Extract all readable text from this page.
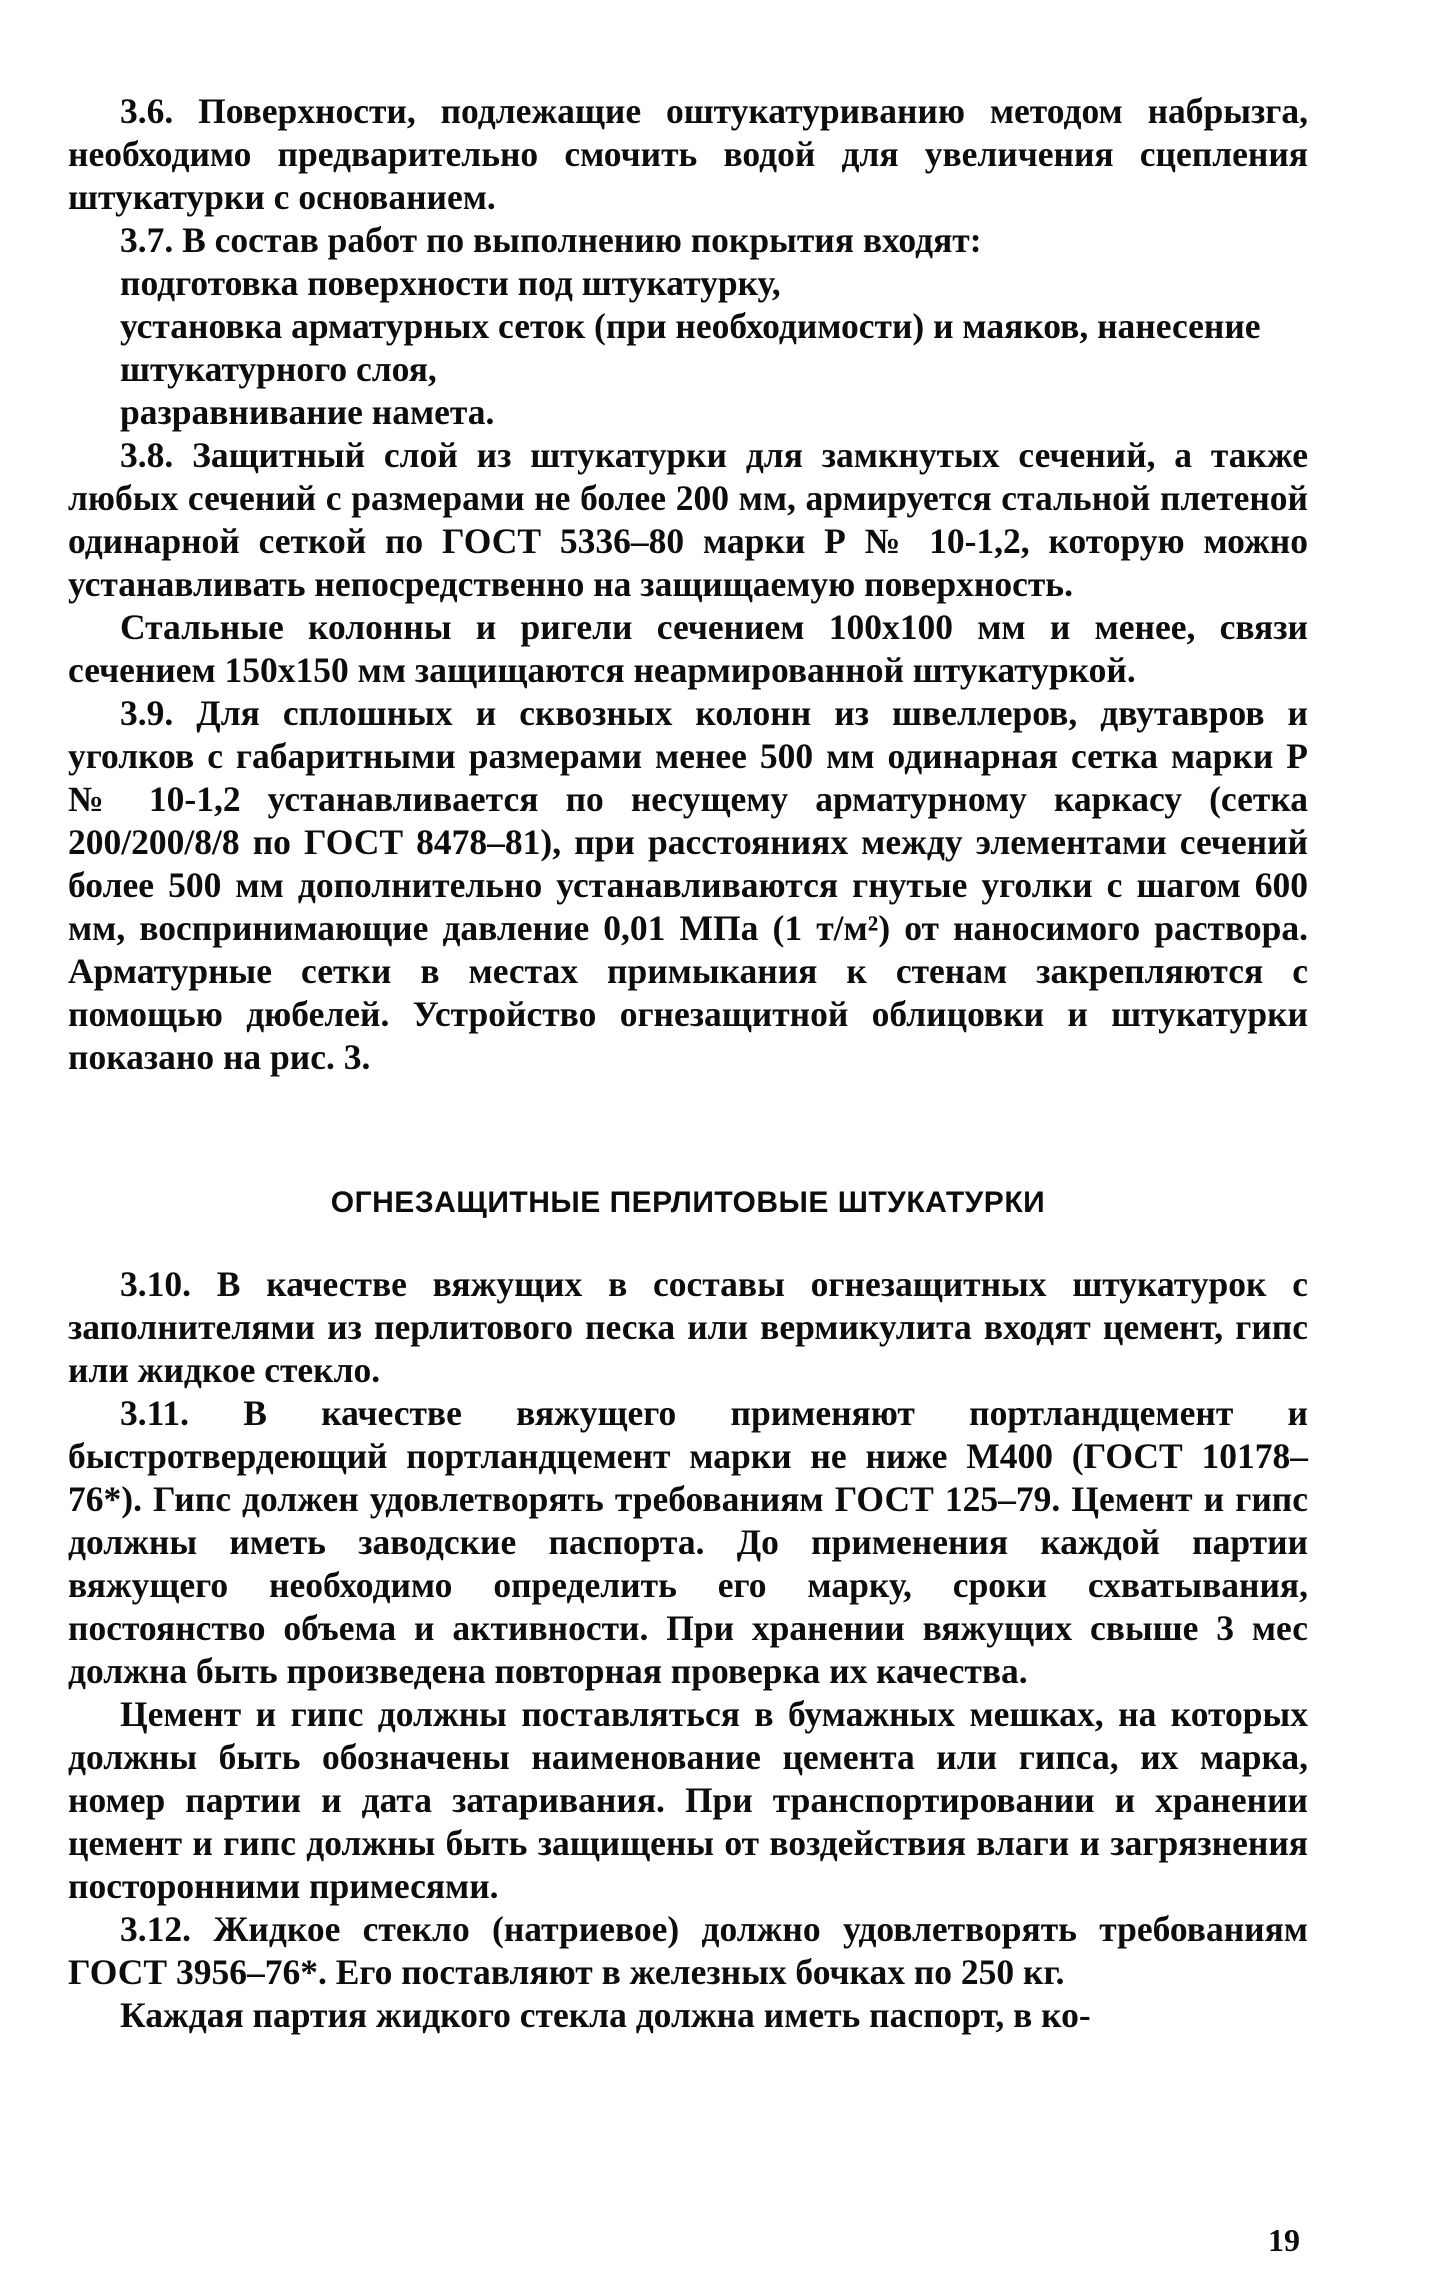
3.6. Поверхности, подлежащие оштукатуриванию методом набрызга, необходимо предварительно смочить водой для увеличения сцепления штукатурки с основанием.

3.7. В состав работ по выполнению покрытия входят:

подготовка поверхности под штукатурку,

установка арматурных сеток (при необходимости) и маяков, нанесение штукатурного слоя,

разравнивание намета.

3.8. Защитный слой из штукатурки для замкнутых сечений, а также любых сечений с размерами не более 200 мм, армируется стальной плетеной одинарной сеткой по ГОСТ 5336–80 марки Р № 10-1,2, которую можно устанавливать непосредственно на защищаемую поверхность.

Стальные колонны и ригели сечением 100х100 мм и менее, связи сечением 150х150 мм защищаются неармированной штукатуркой.

3.9. Для сплошных и сквозных колонн из швеллеров, двутавров и уголков с габаритными размерами менее 500 мм одинарная сетка марки Р № 10-1,2 устанавливается по несущему арматурному каркасу (сетка 200/200/8/8 по ГОСТ 8478–81), при расстояниях между элементами сечений более 500 мм дополнительно устанавливаются гнутые уголки с шагом 600 мм, воспринимающие давление 0,01 МПа (1 т/м²) от наносимого раствора. Арматурные сетки в местах примыкания к стенам закрепляются с помощью дюбелей. Устройство огнезащитной облицовки и штукатурки показано на рис. 3.

ОГНЕЗАЩИТНЫЕ ПЕРЛИТОВЫЕ ШТУКАТУРКИ

3.10. В качестве вяжущих в составы огнезащитных штукатурок с заполнителями из перлитового песка или вермикулита входят цемент, гипс или жидкое стекло.

3.11. В качестве вяжущего применяют портландцемент и быстротвердеющий портландцемент марки не ниже М400 (ГОСТ 10178–76*). Гипс должен удовлетворять требованиям ГОСТ 125–79. Цемент и гипс должны иметь заводские паспорта. До применения каждой партии вяжущего необходимо определить его марку, сроки схватывания, постоянство объема и активности. При хранении вяжущих свыше 3 мес должна быть произведена повторная проверка их качества.

Цемент и гипс должны поставляться в бумажных мешках, на которых должны быть обозначены наименование цемента или гипса, их марка, номер партии и дата затаривания. При транспортировании и хранении цемент и гипс должны быть защищены от воздействия влаги и загрязнения посторонними примесями.

3.12. Жидкое стекло (натриевое) должно удовлетворять требованиям ГОСТ 3956–76*. Его поставляют в железных бочках по 250 кг.

Каждая партия жидкого стекла должна иметь паспорт, в ко-

19
